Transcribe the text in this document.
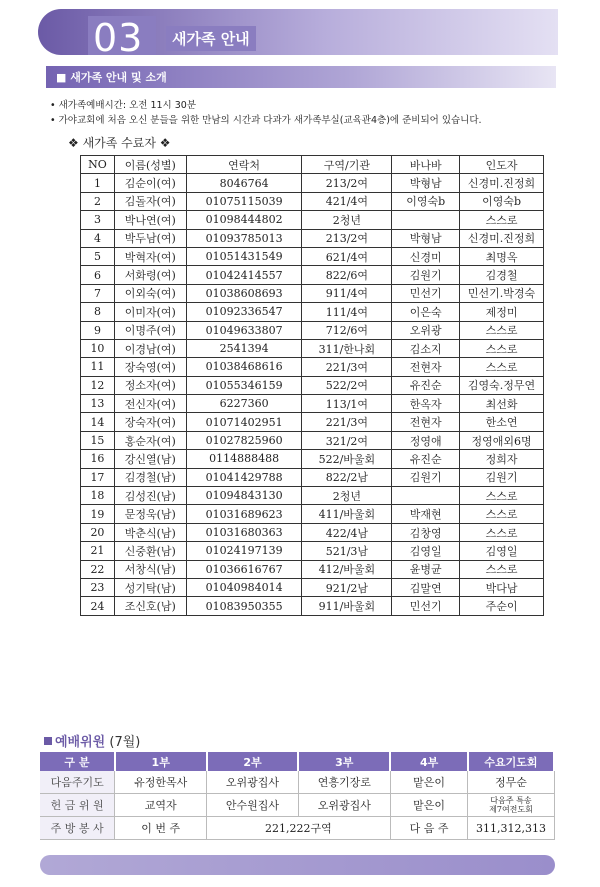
03	새가족 안내
■ 새가족 안내 및 소개
• 새가족예배시간: 오전 11시 30분
• 가야교회에 처음 오신 분들을 위한 만남의 시간과 다과가 새가족부실(교육관4층)에 준비되어 있습니다.
❖ 새가족 수료자 ❖
NO	이름(성별)	연락처	구역/기관	바나바	인도자
1	김순이(여)	8046764	213/2여	박형남	신경미.진정희
2	김돌자(여)	01075115039	421/4여	이영숙b	이영숙b
3	박나연(여)	01098444802	2청년		스스로
4	박두남(여)	01093785013	213/2여	박형남	신경미.진정희
5	박혁자(여)	01051431549	621/4여	신경미	최명옥
6	서화령(여)	01042414557	822/6여	김원기	김경철
7	이외숙(여)	01038608693	911/4여	민선기	민선기.박경숙
8	이미자(여)	01092336547	111/4여	이은숙	제정미
9	이명주(여)	01049633807	712/6여	오위광	스스로
10	이경남(여)	2541394	311/한나회	김소지	스스로
11	장숙영(여)	01038468616	221/3여	전현자	스스로
12	정소자(여)	01055346159	522/2여	유진순	김영숙.정무연
13	전신자(여)	6227360	113/1여	한옥자	최선화
14	장숙자(여)	01071402951	221/3여	전현자	한소연
15	홍순자(여)	01027825960	321/2여	정영애	정영애외6명
16	강신열(남)	0114888488	522/바울회	유진순	정희자
17	김경철(남)	01041429788	822/2남	김원기	김원기
18	김성진(남)	01094843130	2청년		스스로
19	문정욱(남)	01031689623	411/바울회	박재현	스스로
20	박춘식(남)	01031680363	422/4남	김창영	스스로
21	신중환(남)	01024197139	521/3남	김영일	김영일
22	서창식(남)	01036616767	412/바울회	윤병균	스스로
23	성기탁(남)	01040984014	921/2남	김말연	박다남
24	조신호(남)	01083950355	911/바울회	민선기	주순이
예배위원 (7월)
구 분	1부	2부	3부	4부	수요기도회
다음주기도	유정한목사	오위광집사	연흥기장로	맡은이	정무순
헌 금 위 원	교역자	안수원집사	오위광집사	맡은이	다음주 특송
제7여전도회
주 방 봉 사	이 번 주	221,222구역		다 음 주	311,312,313
